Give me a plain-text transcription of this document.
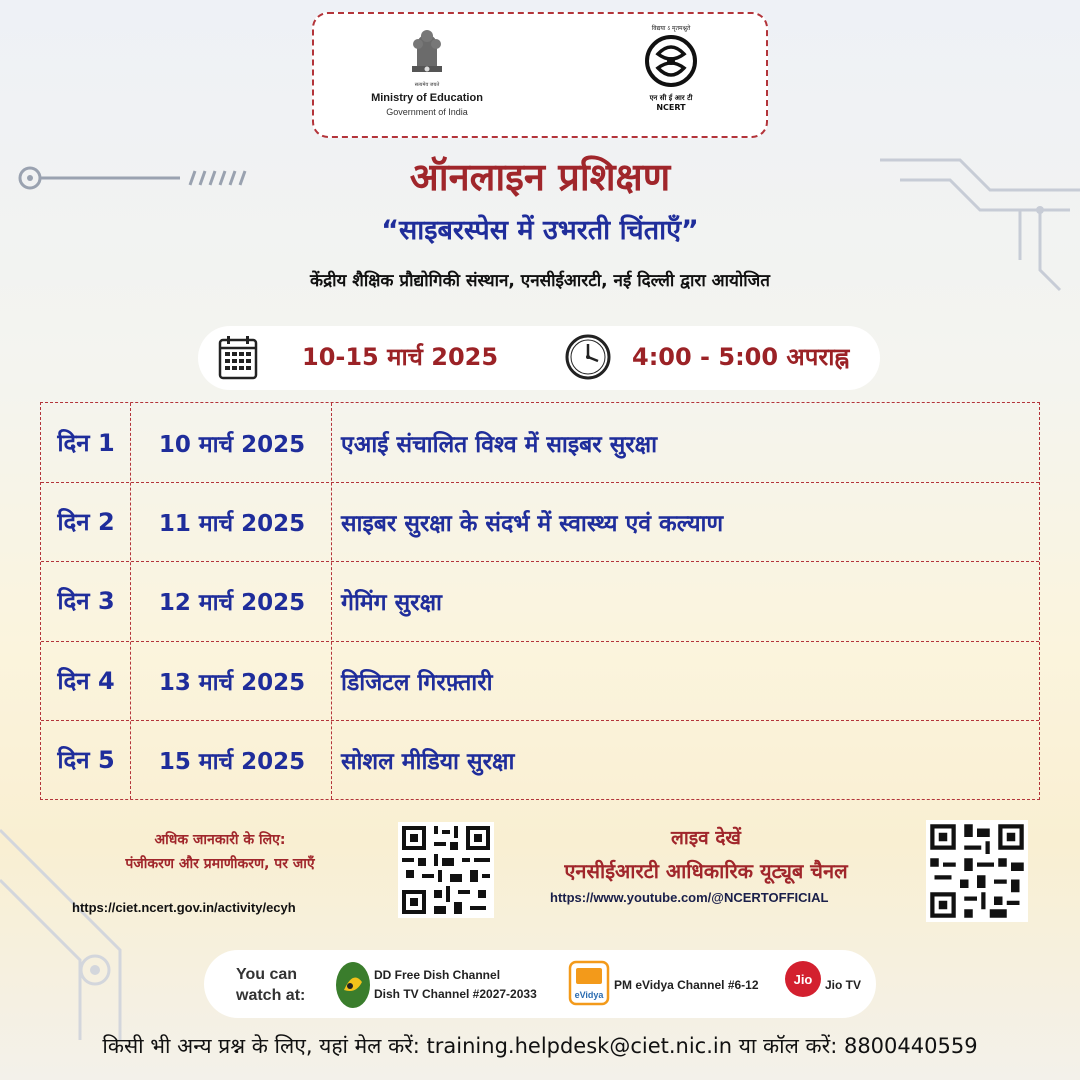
सत्यमेव जयते
Ministry of Education
Government of India
विद्यया ऽ मृतमश्नुते
एन सी ई आर टी
NCERT
ऑनलाइन प्रशिक्षण
“साइबरस्पेस में उभरती चिंताएँ”
केंद्रीय शैक्षिक प्रौद्योगिकी संस्थान, एनसीईआरटी, नई दिल्ली द्वारा आयोजित
10-15 मार्च 2025	4:00 - 5:00 अपराह्न
दिन 1	10 मार्च 2025	एआई संचालित विश्व में साइबर सुरक्षा
दिन 2	11 मार्च 2025	साइबर सुरक्षा के संदर्भ में स्वास्थ्य एवं कल्याण
दिन 3	12 मार्च 2025	गेमिंग सुरक्षा
दिन 4	13 मार्च 2025	डिजिटल गिरफ़्तारी
दिन 5	15 मार्च 2025	सोशल मीडिया सुरक्षा
अधिक जानकारी के लिए:
पंजीकरण और प्रमाणीकरण, पर जाएँ
https://ciet.ncert.gov.in/activity/ecyh
लाइव देखें
एनसीईआरटी आधिकारिक यूट्यूब चैनल
https://www.youtube.com/@NCERTOFFICIAL
You can
watch at:
DD Free Dish Channel
Dish TV Channel #2027-2033	eVidya
PM eVidya Channel #6-12	Jio Jio TV
किसी भी अन्य प्रश्न के लिए, यहां मेल करें: training.helpdesk@ciet.nic.in या कॉल करें: 8800440559
